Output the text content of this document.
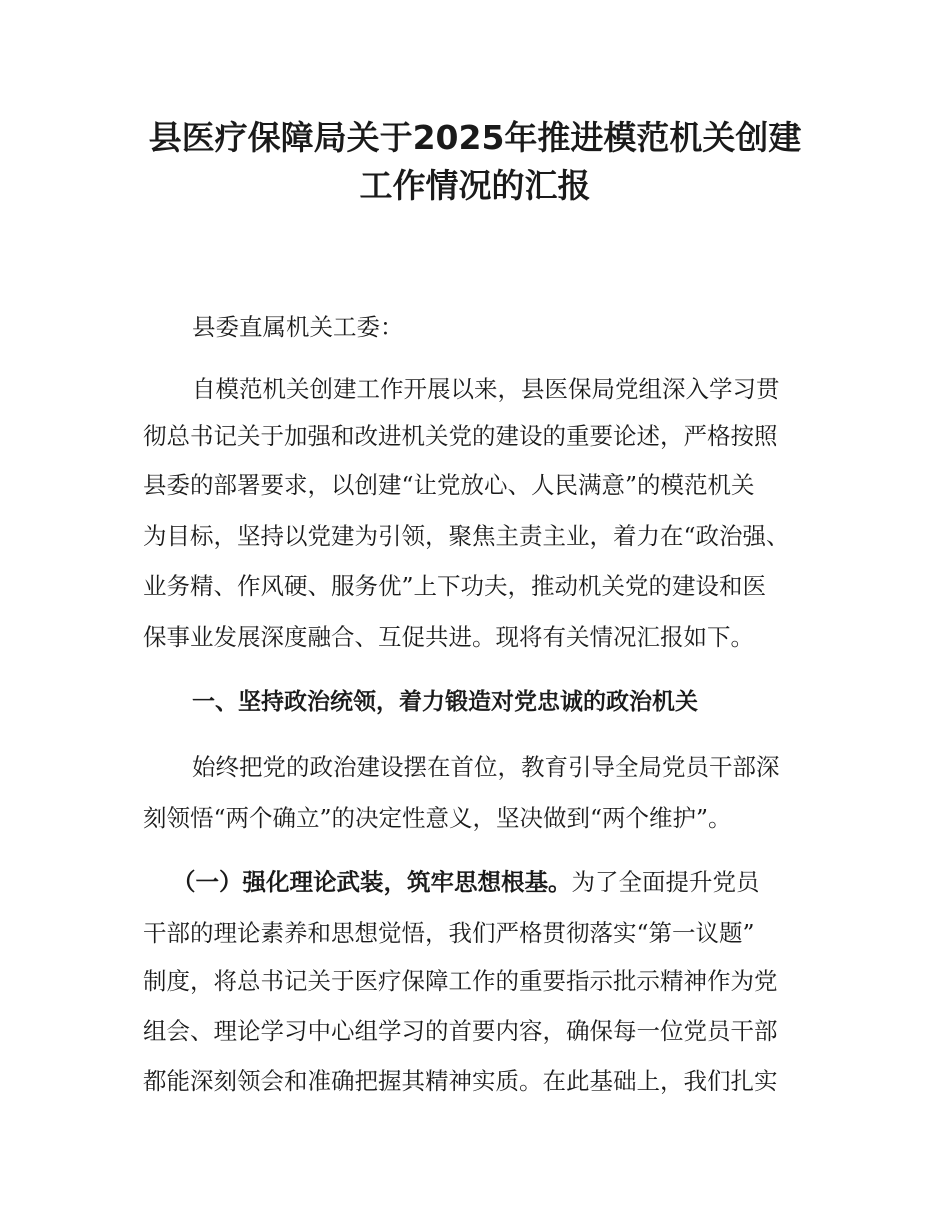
县医疗保障局关于2025年推进模范机关创建
工作情况的汇报
县委直属机关工委：
自模范机关创建工作开展以来，县医保局党组深入学习贯
彻总书记关于加强和改进机关党的建设的重要论述，严格按照
县委的部署要求，以创建“让党放心、人民满意”的模范机关
为目标，坚持以党建为引领，聚焦主责主业，着力在“政治强、
业务精、作风硬、服务优”上下功夫，推动机关党的建设和医
保事业发展深度融合、互促共进。现将有关情况汇报如下。
一、坚持政治统领，着力锻造对党忠诚的政治机关
始终把党的政治建设摆在首位，教育引导全局党员干部深
刻领悟“两个确立”的决定性意义，坚决做到“两个维护”。
（一）强化理论武装，筑牢思想根基。为了全面提升党员
干部的理论素养和思想觉悟，我们严格贯彻落实“第一议题”
制度，将总书记关于医疗保障工作的重要指示批示精神作为党
组会、理论学习中心组学习的首要内容，确保每一位党员干部
都能深刻领会和准确把握其精神实质。在此基础上，我们扎实
